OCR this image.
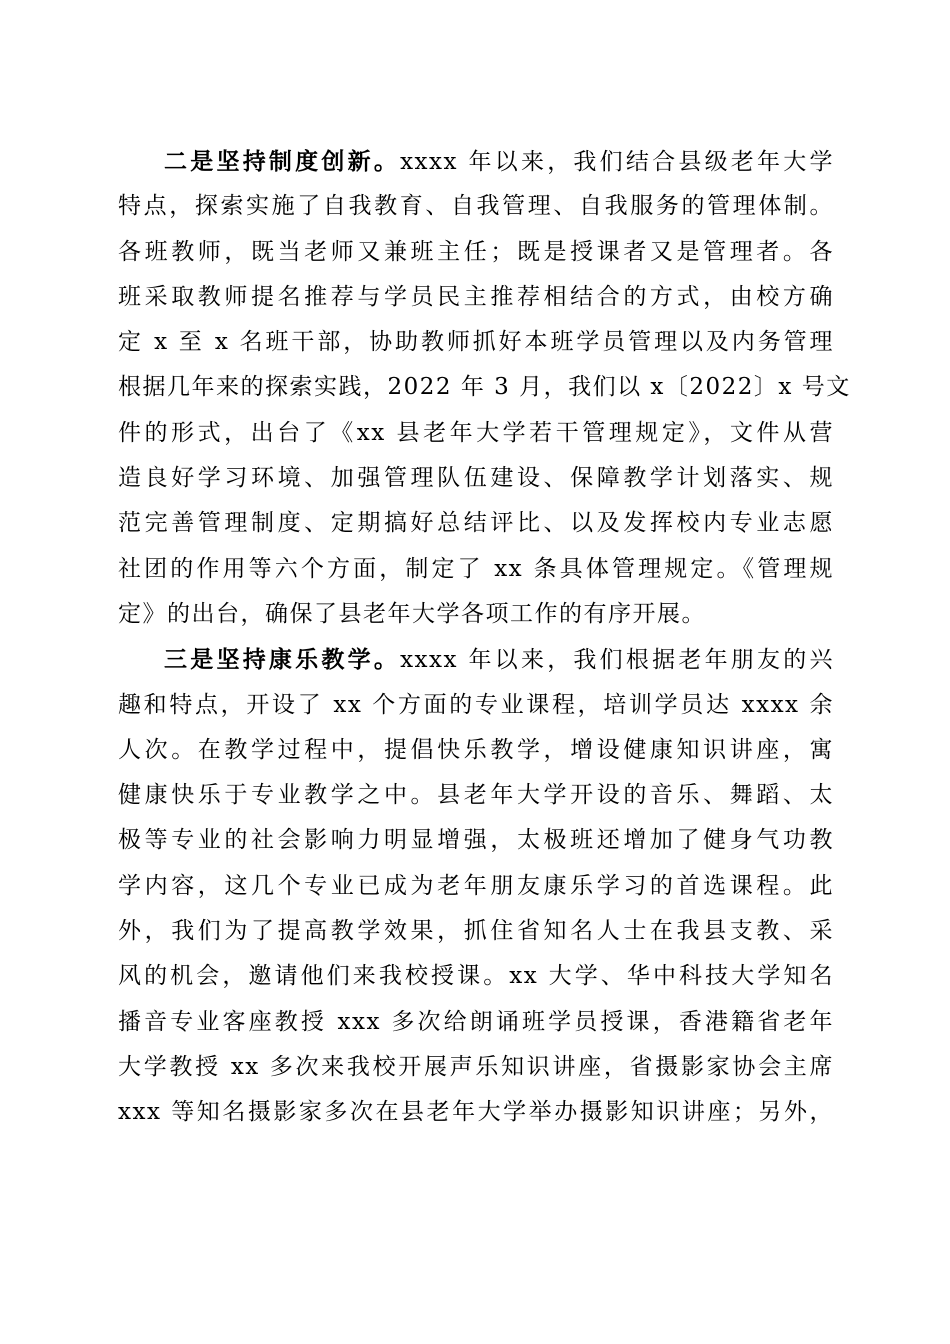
二是坚持制度创新。xxxx 年以来，我们结合县级老年大学
特点，探索实施了自我教育、自我管理、自我服务的管理体制。
各班教师，既当老师又兼班主任；既是授课者又是管理者。各
班采取教师提名推荐与学员民主推荐相结合的方式，由校方确
定 x 至 x 名班干部，协助教师抓好本班学员管理以及内务管理
根据几年来的探索实践，2022 年 3 月，我们以 x〔2022〕x 号文
件的形式，出台了《xx 县老年大学若干管理规定》，文件从营
造良好学习环境、加强管理队伍建设、保障教学计划落实、规
范完善管理制度、定期搞好总结评比、以及发挥校内专业志愿
社团的作用等六个方面，制定了 xx 条具体管理规定。《管理规
定》的出台，确保了县老年大学各项工作的有序开展。
三是坚持康乐教学。xxxx 年以来，我们根据老年朋友的兴
趣和特点，开设了 xx 个方面的专业课程，培训学员达 xxxx 余
人次。在教学过程中，提倡快乐教学，增设健康知识讲座，寓
健康快乐于专业教学之中。县老年大学开设的音乐、舞蹈、太
极等专业的社会影响力明显增强，太极班还增加了健身气功教
学内容，这几个专业已成为老年朋友康乐学习的首选课程。此
外，我们为了提高教学效果，抓住省知名人士在我县支教、采
风的机会，邀请他们来我校授课。xx 大学、华中科技大学知名
播音专业客座教授 xxx 多次给朗诵班学员授课，香港籍省老年
大学教授 xx 多次来我校开展声乐知识讲座，省摄影家协会主席
xxx 等知名摄影家多次在县老年大学举办摄影知识讲座；另外，
